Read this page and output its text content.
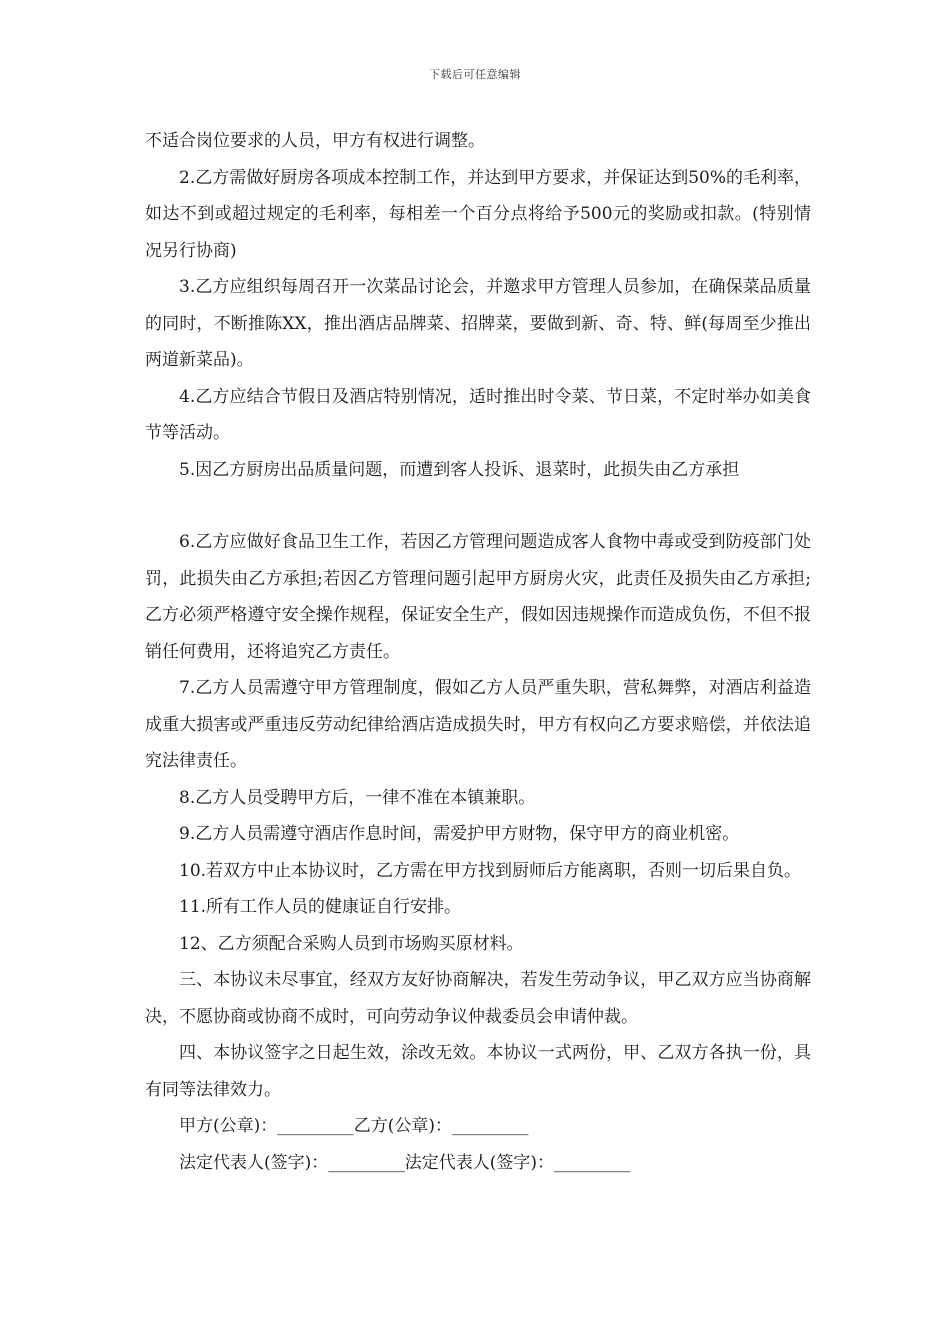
下载后可任意编辑

不适合岗位要求的人员，甲方有权进行调整。

2.乙方需做好厨房各项成本控制工作，并达到甲方要求，并保证达到50%的毛利率，如达不到或超过规定的毛利率，每相差一个百分点将给予500元的奖励或扣款。(特别情况另行协商)

3.乙方应组织每周召开一次菜品讨论会，并邀求甲方管理人员参加，在确保菜品质量的同时，不断推陈XX，推出酒店品牌菜、招牌菜，要做到新、奇、特、鲜(每周至少推出两道新菜品)。

4.乙方应结合节假日及酒店特别情况，适时推出时令菜、节日菜，不定时举办如美食节等活动。

5.因乙方厨房出品质量问题，而遭到客人投诉、退菜时，此损失由乙方承担

6.乙方应做好食品卫生工作，若因乙方管理问题造成客人食物中毒或受到防疫部门处罚，此损失由乙方承担;若因乙方管理问题引起甲方厨房火灾，此责任及损失由乙方承担;乙方必须严格遵守安全操作规程，保证安全生产，假如因违规操作而造成负伤，不但不报销任何费用，还将追究乙方责任。

7.乙方人员需遵守甲方管理制度，假如乙方人员严重失职，营私舞弊，对酒店利益造成重大损害或严重违反劳动纪律给酒店造成损失时，甲方有权向乙方要求赔偿，并依法追究法律责任。

8.乙方人员受聘甲方后，一律不准在本镇兼职。

9.乙方人员需遵守酒店作息时间，需爱护甲方财物，保守甲方的商业机密。

10.若双方中止本协议时，乙方需在甲方找到厨师后方能离职，否则一切后果自负。

11.所有工作人员的健康证自行安排。

12、乙方须配合采购人员到市场购买原材料。

三、本协议未尽事宜，经双方友好协商解决，若发生劳动争议，甲乙双方应当协商解决，不愿协商或协商不成时，可向劳动争议仲裁委员会申请仲裁。

四、本协议签字之日起生效，涂改无效。本协议一式两份，甲、乙双方各执一份，具有同等法律效力。

甲方(公章)：_________乙方(公章)：_________

法定代表人(签字)：_________法定代表人(签字)：_________
